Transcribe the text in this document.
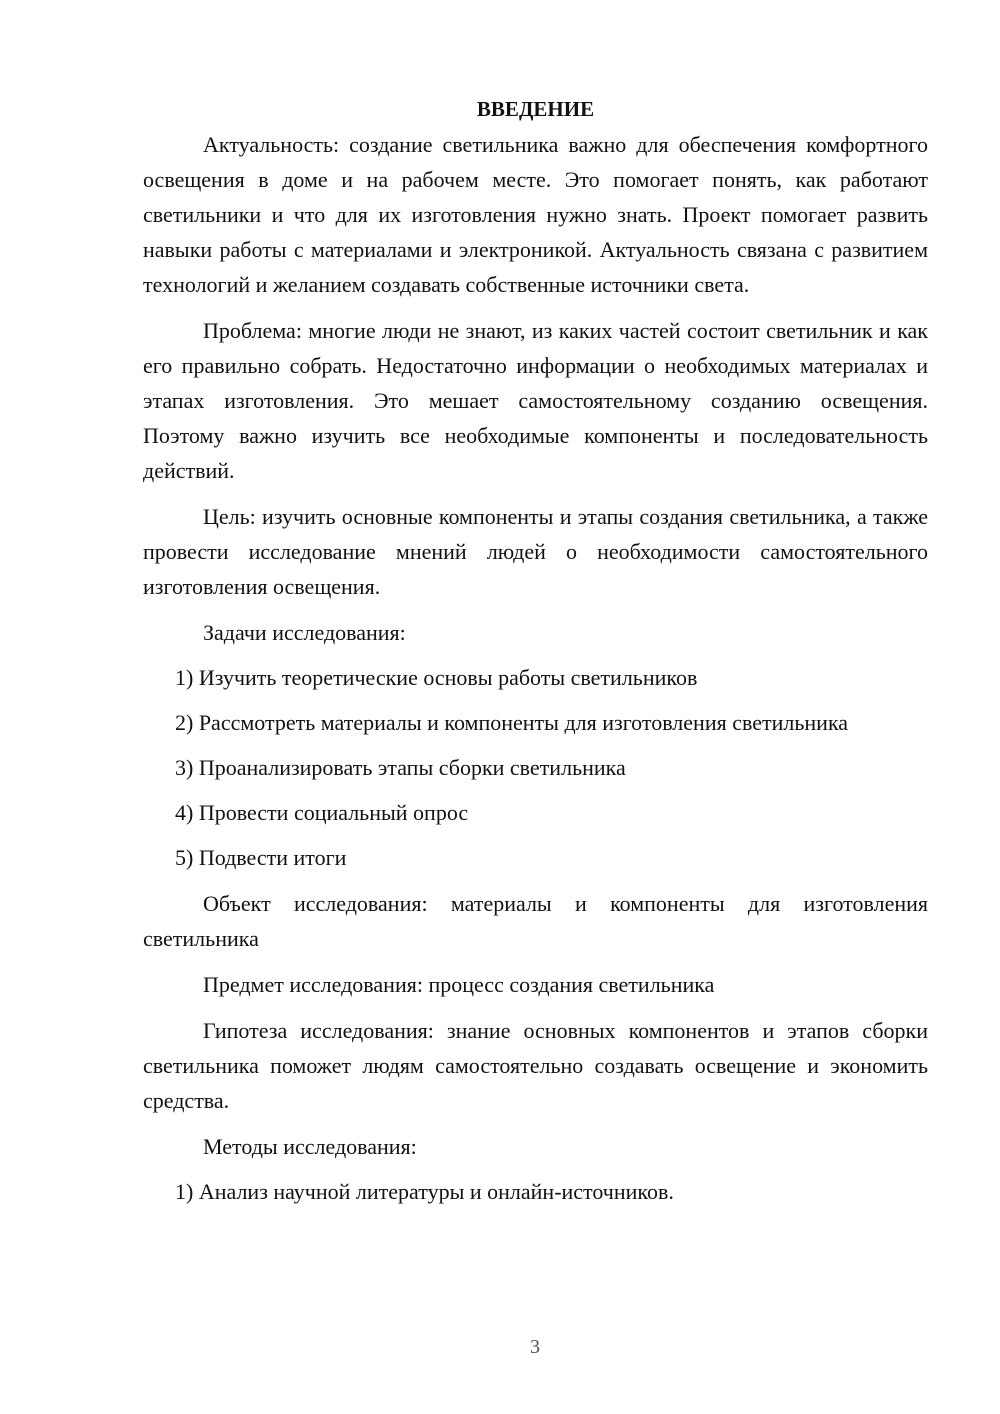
ВВЕДЕНИЕ

Актуальность: создание светильника важно для обеспечения комфортного освещения в доме и на рабочем месте. Это помогает понять, как работают светильники и что для их изготовления нужно знать. Проект помогает развить навыки работы с материалами и электроникой. Актуальность связана с развитием технологий и желанием создавать собственные источники света.

Проблема: многие люди не знают, из каких частей состоит светильник и как его правильно собрать. Недостаточно информации о необходимых материалах и этапах изготовления. Это мешает самостоятельному созданию освещения. Поэтому важно изучить все необходимые компоненты и последовательность действий.

Цель: изучить основные компоненты и этапы создания светильника, а также провести исследование мнений людей о необходимости самостоятельного изготовления освещения.

Задачи исследования:

1) Изучить теоретические основы работы светильников

2) Рассмотреть материалы и компоненты для изготовления светильника

3) Проанализировать этапы сборки светильника

4) Провести социальный опрос

5) Подвести итоги

Объект исследования: материалы и компоненты для изготовления светильника

Предмет исследования: процесс создания светильника

Гипотеза исследования: знание основных компонентов и этапов сборки светильника поможет людям самостоятельно создавать освещение и экономить средства.

Методы исследования:

1) Анализ научной литературы и онлайн-источников.

3
